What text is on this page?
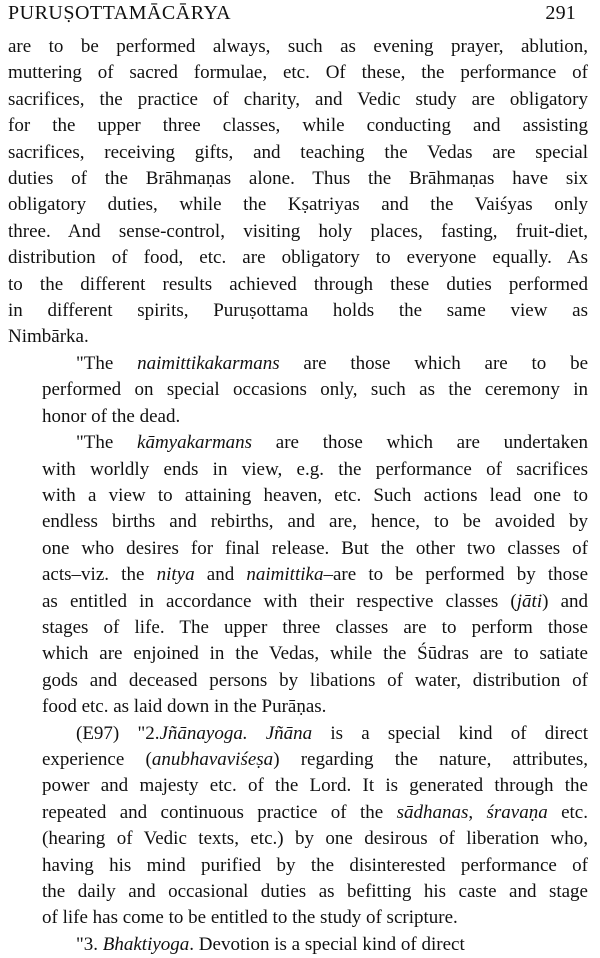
PURUṢOTTAMĀCĀRYA	291
are to be performed always, such as evening prayer, ablution,
muttering of sacred formulae, etc. Of these, the performance of
sacrifices, the practice of charity, and Vedic study are obligatory
for the upper three classes, while conducting and assisting
sacrifices, receiving gifts, and teaching the Vedas are special
duties of the Brāhmaṇas alone. Thus the Brāhmaṇas have six
obligatory duties, while the Kṣatriyas and the Vaiśyas only
three. And sense-control, visiting holy places, fasting, fruit-diet,
distribution of food, etc. are obligatory to everyone equally. As
to the different results achieved through these duties performed
in different spirits, Puruṣottama holds the same view as
Nimbārka.
"The naimittikakarmans are those which are to be
performed on special occasions only, such as the ceremony in
honor of the dead.
"The kāmyakarmans are those which are undertaken
with worldly ends in view, e.g. the performance of sacrifices
with a view to attaining heaven, etc. Such actions lead one to
endless births and rebirths, and are, hence, to be avoided by
one who desires for final release. But the other two classes of
acts–viz. the nitya and naimittika–are to be performed by those
as entitled in accordance with their respective classes (jāti) and
stages of life. The upper three classes are to perform those
which are enjoined in the Vedas, while the Śūdras are to satiate
gods and deceased persons by libations of water, distribution of
food etc. as laid down in the Purāṇas.
(E97) "2.Jñānayoga. Jñāna is a special kind of direct
experience (anubhavaviśeṣa) regarding the nature, attributes,
power and majesty etc. of the Lord. It is generated through the
repeated and continuous practice of the sādhanas, śravaṇa etc.
(hearing of Vedic texts, etc.) by one desirous of liberation who,
having his mind purified by the disinterested performance of
the daily and occasional duties as befitting his caste and stage
of life has come to be entitled to the study of scripture.
"3. Bhaktiyoga. Devotion is a special kind of direct
